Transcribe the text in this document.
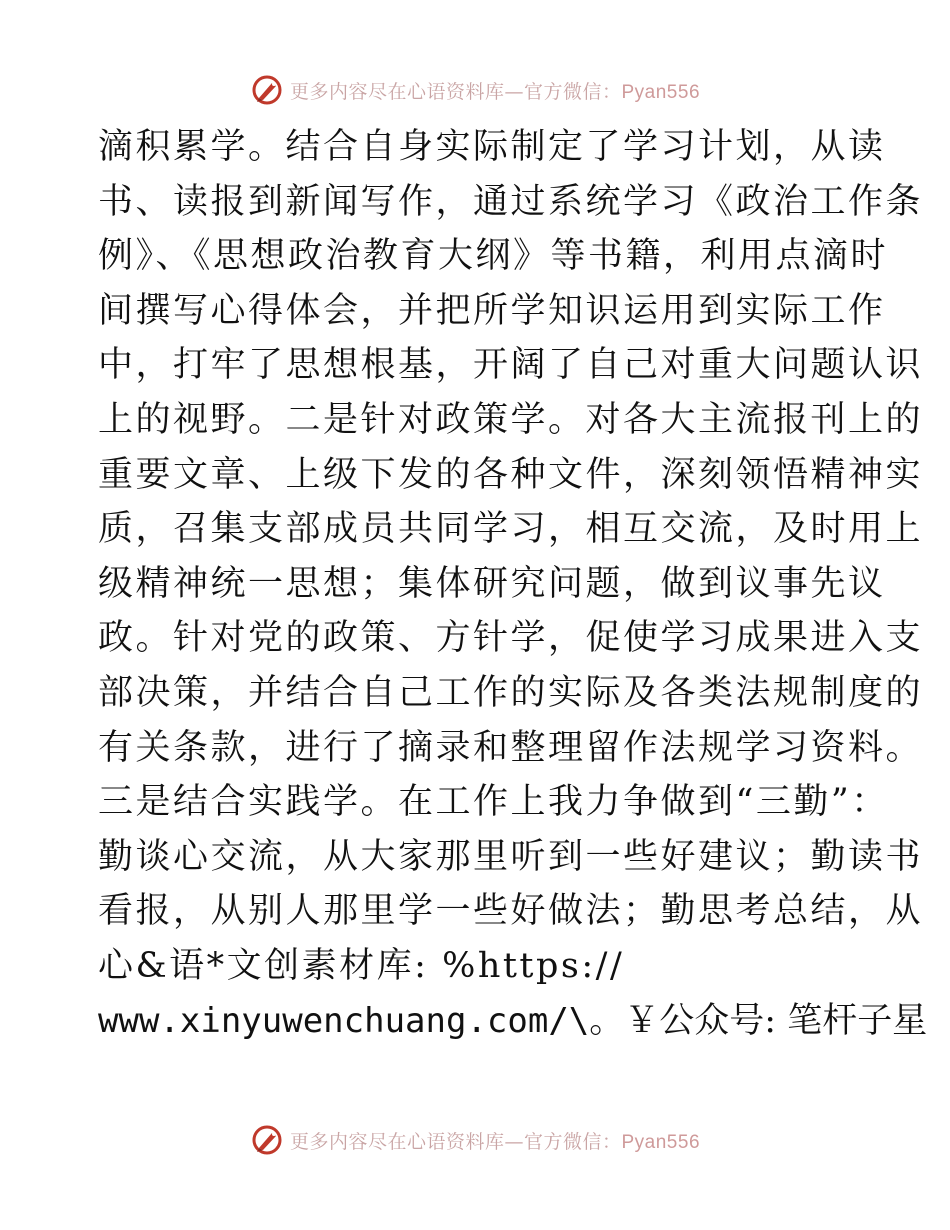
更多内容尽在心语资料库—官方微信：Pyan556
滴积累学。结合自身实际制定了学习计划，从读
书、读报到新闻写作，通过系统学习《政治工作条
例》、《思想政治教育大纲》等书籍，利用点滴时
间撰写心得体会，并把所学知识运用到实际工作
中，打牢了思想根基，开阔了自己对重大问题认识
上的视野。二是针对政策学。对各大主流报刊上的
重要文章、上级下发的各种文件，深刻领悟精神实
质，召集支部成员共同学习，相互交流，及时用上
级精神统一思想；集体研究问题，做到议事先议
政。针对党的政策、方针学，促使学习成果进入支
部决策，并结合自己工作的实际及各类法规制度的
有关条款，进行了摘录和整理留作法规学习资料。
三是结合实践学。在工作上我力争做到“三勤”：
勤谈心交流，从大家那里听到一些好建议；勤读书
看报，从别人那里学一些好做法；勤思考总结，从
心&语*文创素材库: %https://
www.xinyuwenchuang.com/\。￥公众号: 笔杆子星
更多内容尽在心语资料库—官方微信：Pyan556
